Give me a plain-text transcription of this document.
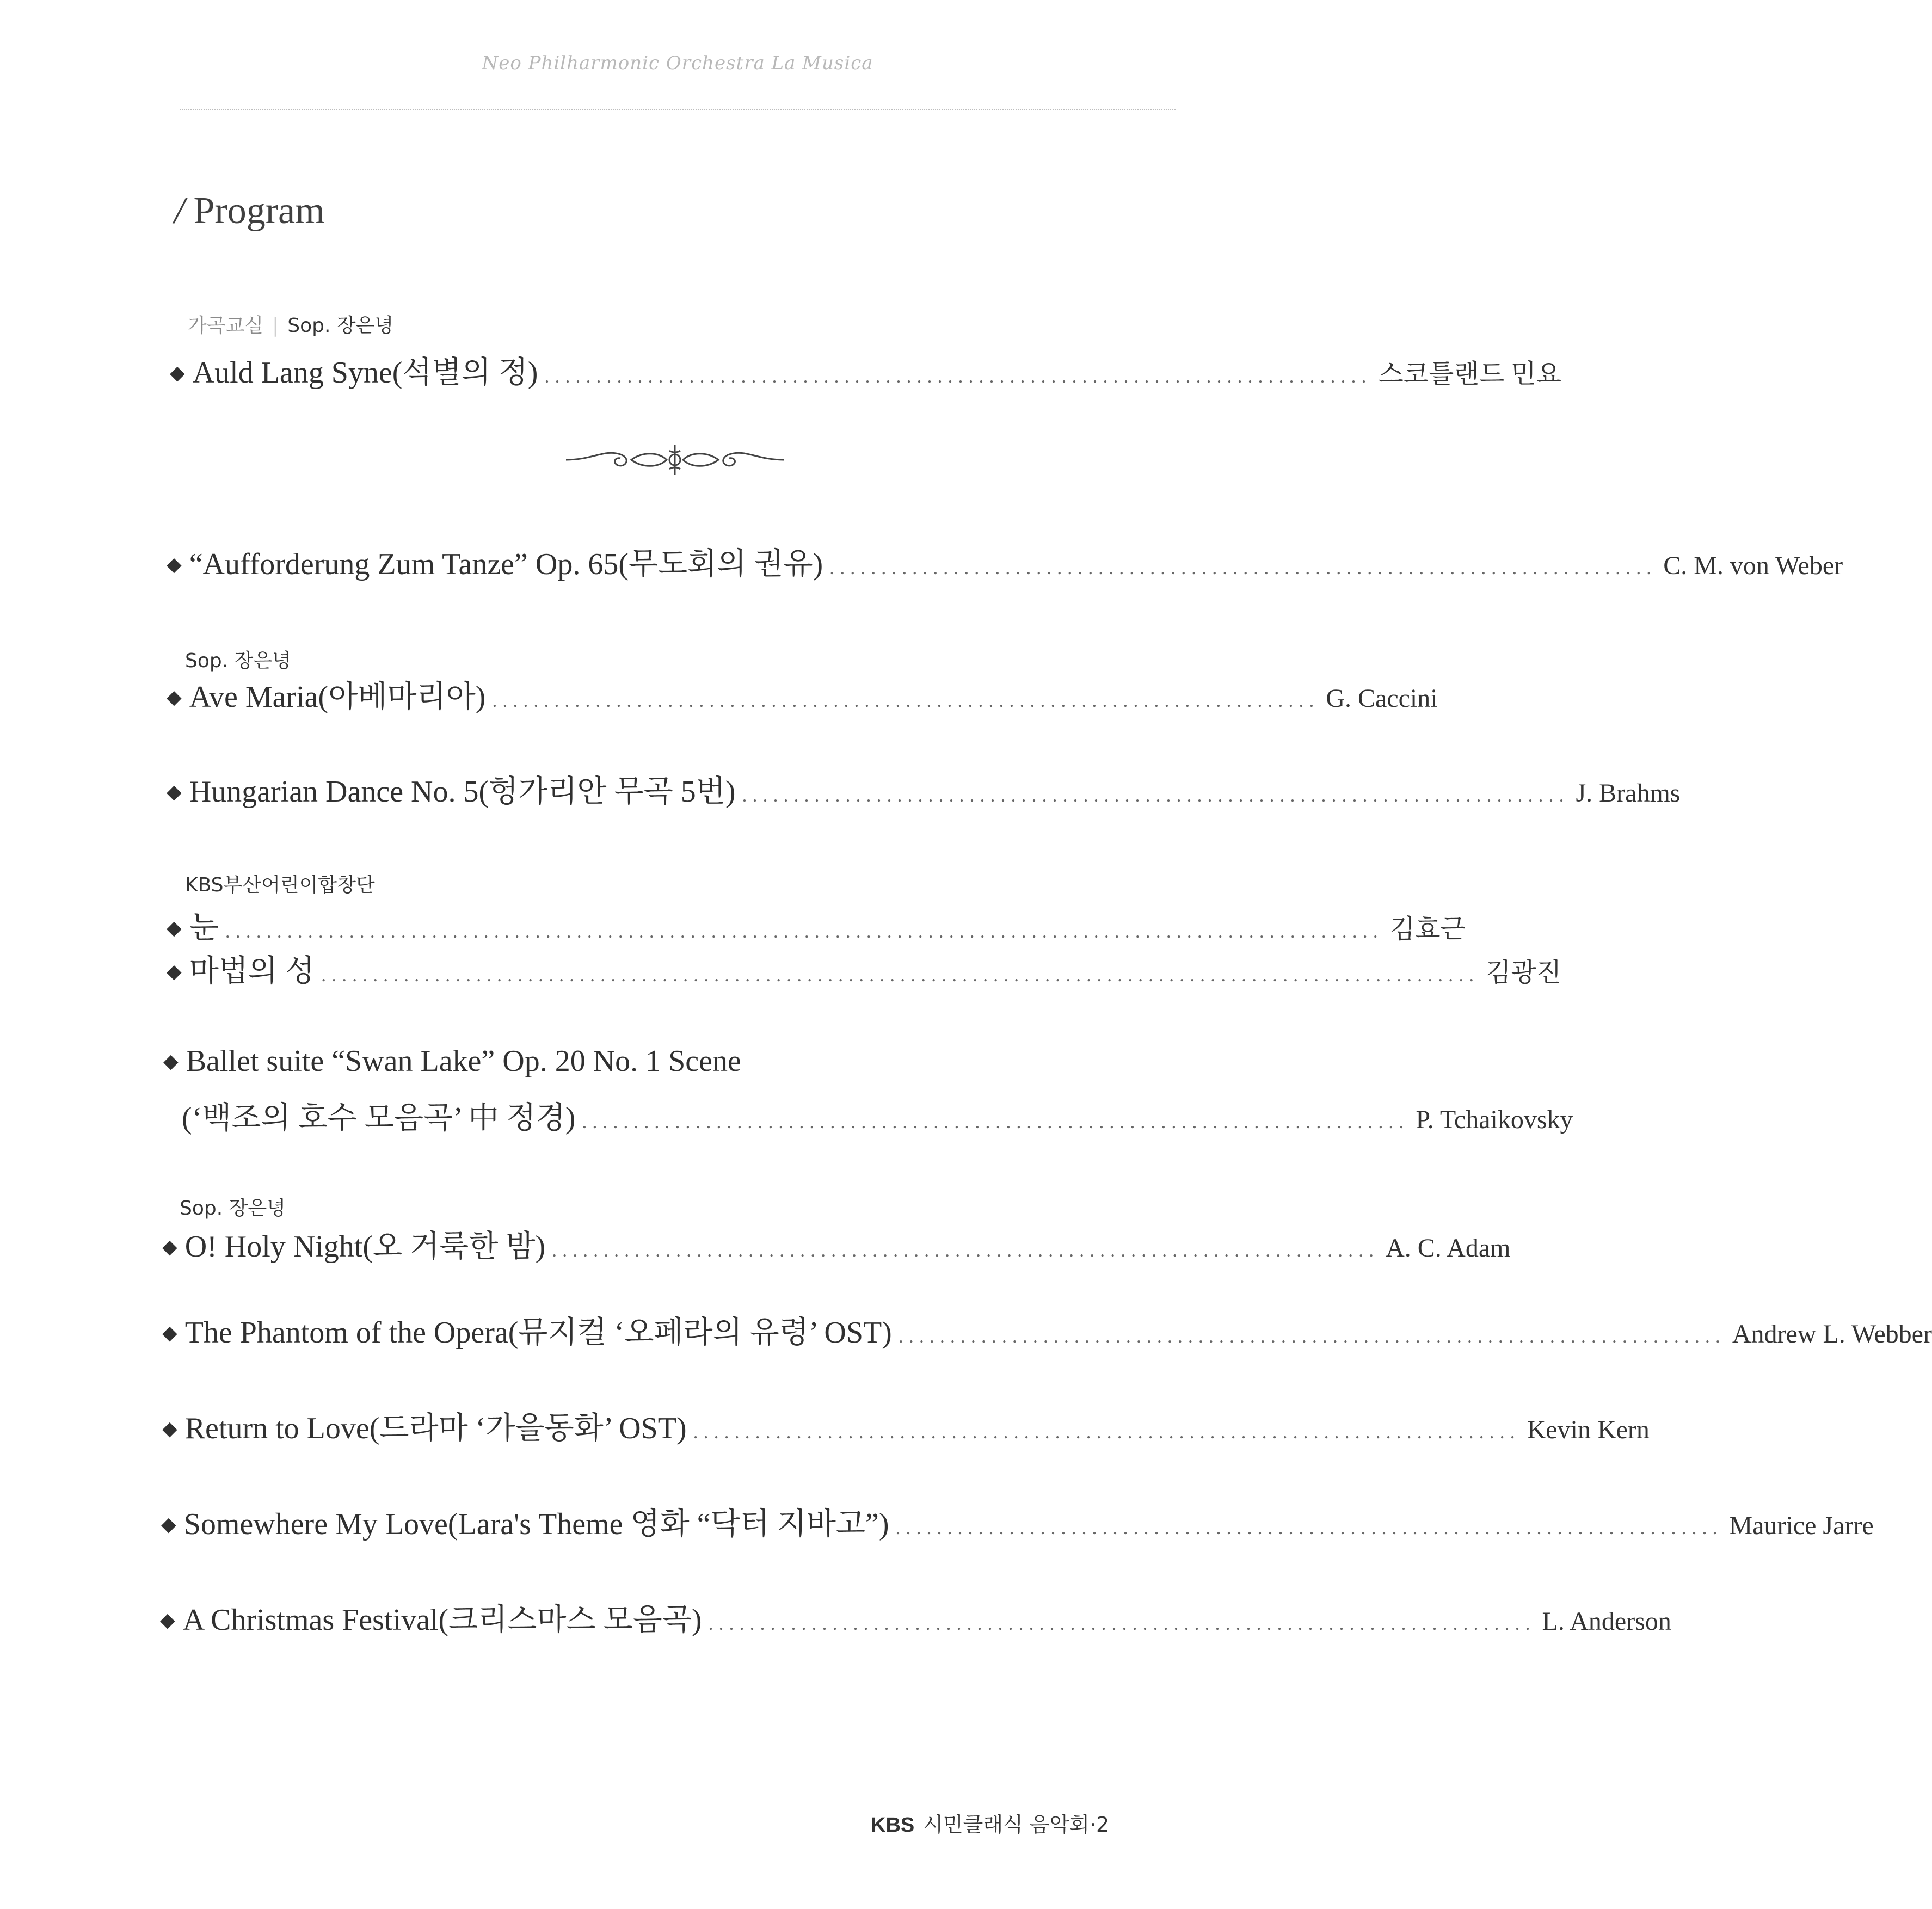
Neo Philharmonic Orchestra La Musica
/ Program
가곡교실 | Sop. 장은녕
◆ Auld Lang Syne(석별의 정) ................................................................................ 스코틀랜드 민요
◆ “Aufforderung Zum Tanze” Op. 65(무도회의 권유) ................................................................................ C. M. von Weber
Sop. 장은녕
◆ Ave Maria(아베마리아) ................................................................................ G. Caccini
◆ Hungarian Dance No. 5(헝가리안 무곡 5번) ................................................................................ J. Brahms
KBS부산어린이합창단
◆ 눈 ................................................................................................................ 김효근
◆ 마법의 성 ................................................................................................................ 김광진
◆ Ballet suite “Swan Lake” Op. 20 No. 1 Scene
(‘백조의 호수 모음곡’ 中 정경) ................................................................................ P. Tchaikovsky
Sop. 장은녕
◆ O! Holy Night(오 거룩한 밤) ................................................................................ A. C. Adam
◆ The Phantom of the Opera(뮤지컬 ‘오페라의 유령’ OST) ................................................................................ Andrew L. Webber
◆ Return to Love(드라마 ‘가을동화’ OST) ................................................................................ Kevin Kern
◆ Somewhere My Love(Lara's Theme 영화 “닥터 지바고”) ................................................................................ Maurice Jarre
◆ A Christmas Festival(크리스마스 모음곡) ................................................................................ L. Anderson
KBS 시민클래식 음악회·2
